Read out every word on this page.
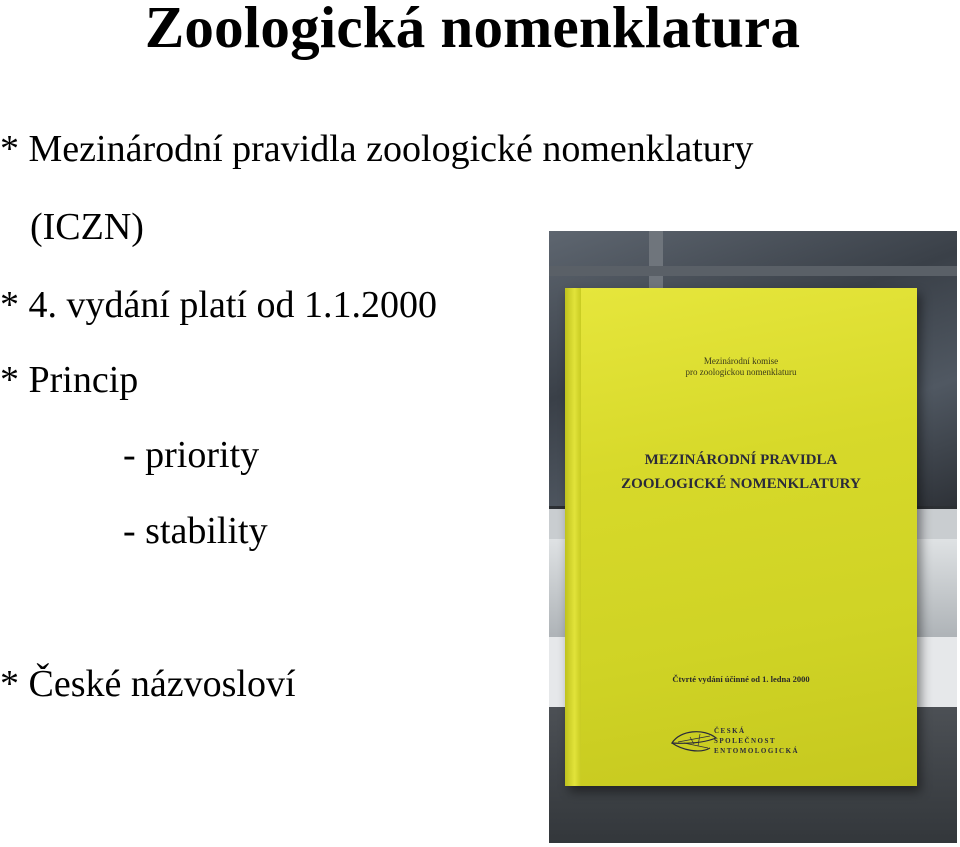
Zoologická nomenklatura
* Mezinárodní pravidla zoologické nomenklatury
(ICZN)
* 4. vydání platí od 1.1.2000
* Princip
- priority
- stability
* České názvosloví
Mezinárodní komise
pro zoologickou nomenklaturu
MEZINÁRODNÍ PRAVIDLA
ZOOLOGICKÉ NOMENKLATURY
Čtvrté vydání účinné od 1. ledna 2000
ČESKÁ
SPOLEČNOST
ENTOMOLOGICKÁ
